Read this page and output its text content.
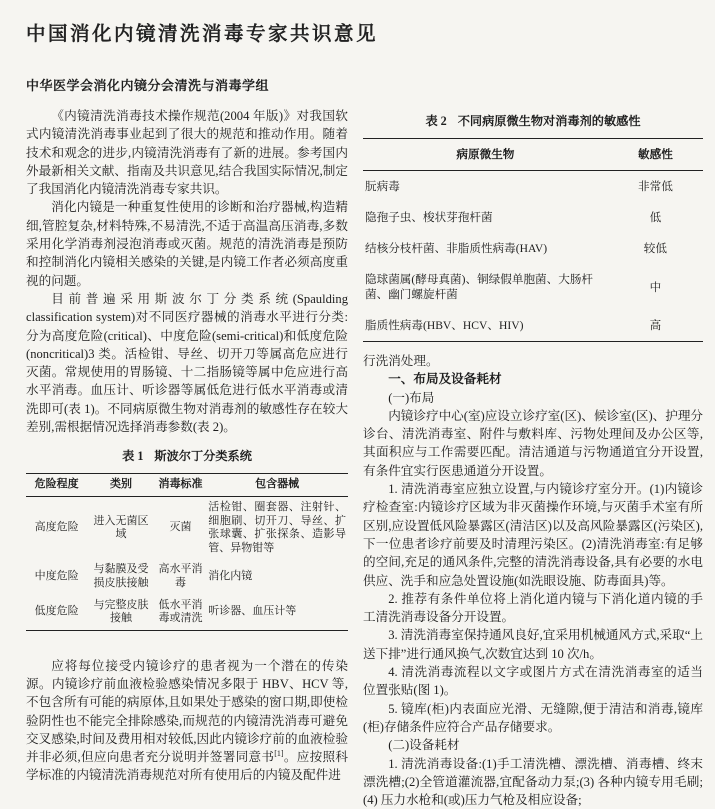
中国消化内镜清洗消毒专家共识意见
中华医学会消化内镜分会清洗与消毒学组

《内镜清洗消毒技术操作规范(2004 年版)》对我国软式内镜清洗消毒事业起到了很大的规范和推动作用。随着技术和观念的进步,内镜清洗消毒有了新的进展。参考国内外最新相关文献、指南及共识意见,结合我国实际情况,制定了我国消化内镜清洗消毒专家共识。

消化内镜是一种重复性使用的诊断和治疗器械,构造精细,管腔复杂,材料特殊,不易清洗,不适于高温高压消毒,多数采用化学消毒剂浸泡消毒或灭菌。规范的清洗消毒是预防和控制消化内镜相关感染的关键,是内镜工作者必须高度重视的问题。

目前普遍采用斯波尔丁分类系统(Spaulding classification system)对不同医疗器械的消毒水平进行分类:分为高度危险(critical)、中度危险(semi-critical)和低度危险(noncritical)3 类。活检钳、导丝、切开刀等属高危应进行灭菌。常规使用的胃肠镜、十二指肠镜等属中危应进行高水平消毒。血压计、听诊器等属低危进行低水平消毒或清洗即可(表 1)。不同病原微生物对消毒剂的敏感性存在较大差别,需根据情况选择消毒参数(表 2)。

表 1 斯波尔丁分类系统
危险程度	类别	消毒标准	包含器械
高度危险	进入无菌区域	灭菌	活检钳、圈套器、注射针、细胞刷、切开刀、导丝、扩张球囊、扩张探条、造影导管、异物钳等
中度危险	与黏膜及受损皮肤接触	高水平消毒	消化内镜
低度危险	与完整皮肤接触	低水平消毒或清洗	听诊器、血压计等

应将每位接受内镜诊疗的患者视为一个潜在的传染源。内镜诊疗前血液检验感染情况多限于 HBV、HCV 等,不包含所有可能的病原体,且如果处于感染的窗口期,即使检验阴性也不能完全排除感染,而规范的内镜清洗消毒可避免交叉感染,时间及费用相对较低,因此内镜诊疗前的血液检验并非必须,但应向患者充分说明并签署同意书[1]。应按照科学标准的内镜清洗消毒规范对所有使用后的内镜及配件进

表 2 不同病原微生物对消毒剂的敏感性
病原微生物	敏感性
朊病毒	非常低
隐孢子虫、梭状芽孢杆菌	低
结核分枝杆菌、非脂质性病毒(HAV)	较低
隐球菌属(酵母真菌)、铜绿假单胞菌、大肠杆菌、幽门螺旋杆菌	中
脂质性病毒(HBV、HCV、HIV)	高

行洗消处理。

一、布局及设备耗材

(一)布局

内镜诊疗中心(室)应设立诊疗室(区)、候诊室(区)、护理分诊台、清洗消毒室、附件与敷料库、污物处理间及办公区等,其面积应与工作需要匹配。清洁通道与污物通道宜分开设置,有条件宜实行医患通道分开设置。

1. 清洗消毒室应独立设置,与内镜诊疗室分开。(1)内镜诊疗检查室:内镜诊疗区域为非灭菌操作环境,与灭菌手术室有所区别,应设置低风险暴露区(清洁区)以及高风险暴露区(污染区),下一位患者诊疗前要及时清理污染区。(2)清洗消毒室:有足够的空间,充足的通风条件,完整的清洗消毒设备,具有必要的水电供应、洗手和应急处置设施(如洗眼设施、防毒面具)等。

2. 推荐有条件单位将上消化道内镜与下消化道内镜的手工清洗消毒设备分开设置。

3. 清洗消毒室保持通风良好,宜采用机械通风方式,采取“上送下排”进行通风换气,次数宜达到 10 次/h。

4. 清洗消毒流程以文字或图片方式在清洗消毒室的适当位置张贴(图 1)。

5. 镜库(柜)内表面应光滑、无缝隙,便于清洁和消毒,镜库(柜)存储条件应符合产品存储要求。

(二)设备耗材

1. 清洗消毒设备:(1)手工清洗槽、漂洗槽、消毒槽、终末漂洗槽;(2)全管道灌流器,宜配备动力泵;(3) 各种内镜专用毛刷;(4) 压力水枪和(或)压力气枪及相应设备;
